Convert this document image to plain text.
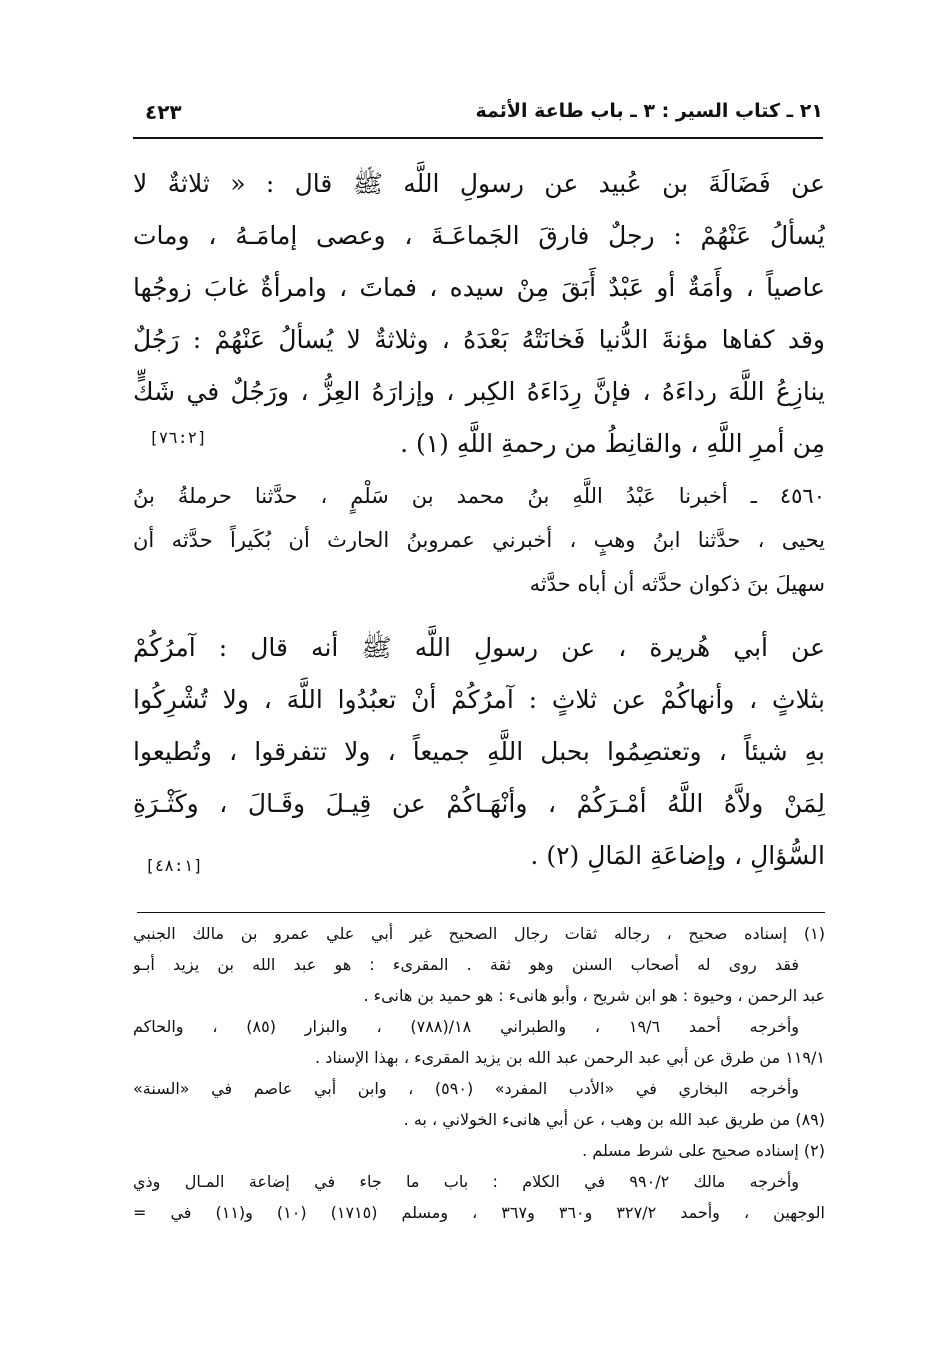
٢١ ـ كتاب السير : ٣ ـ باب طاعة الأئمة
٤٢٣
عن فَضَالَةَ بن عُبيد عن رسولِ اللَّه ﷺ قال : « ثلاثةٌ لا
يُسألُ عَنْهُمْ : رجلٌ فارقَ الجَماعَـةَ ، وعصى إمامَـهُ ، ومات
عاصياً ، وأَمَةٌ أو عَبْدٌ أَبَقَ مِنْ سيده ، فماتَ ، وامرأةٌ غابَ زوجُها
وقد كفاها مؤنةَ الدُّنيا فَخانَتْهُ بَعْدَهُ ، وثلاثةٌ لا يُسألُ عَنْهُمْ : رَجُلٌ
ينازِعُ اللَّهَ رداءَهُ ، فإنَّ رِدَاءَهُ الكِبر ، وإزارَهُ العِزُّ ، ورَجُلٌ في شَكٍّ
مِن أمرِ اللَّهِ ، والقانِطُ من رحمةِ اللَّهِ (١) .
[٧٦:٢]
٤٥٦٠ ـ أخبرنا عَبْدُ اللَّهِ بنُ محمد بن سَلْمٍ ، حدَّثنا حرملةُ بنُ
يحيى ، حدَّثنا ابنُ وهبٍ ، أخبرني عمروبنُ الحارث أن بُكَيراً حدَّثه أن
سهيلَ بنَ ذكوان حدَّثه أن أباه حدَّثه
عن أبي هُريرة ، عن رسولِ اللَّه ﷺ أنه قال : آمرُكُمْ
بثلاثٍ ، وأنهاكُمْ عن ثلاثٍ : آمرُكُمْ أنْ تعبُدُوا اللَّهَ ، ولا تُشْرِكُوا
بهِ شيئاً ، وتعتصِمُوا بحبل اللَّهِ جميعاً ، ولا تتفرقوا ، وتُطيعوا
لِمَنْ ولاَّهُ اللَّهُ أمْـرَكُمْ ، وأنْهَـاكُمْ عن قِيـلَ وقَـالَ ، وكَثْـرَةِ
السُّؤالِ ، وإضاعَةِ المَالِ (٢) .
[٤٨:١]
(١) إسناده صحيح ، رجاله ثقات رجال الصحيح غير أبي علي عمرو بن مالك الجنبي
فقد روى له أصحاب السنن وهو ثقة . المقرىء : هو عبد الله بن يزيد أبـو
عبد الرحمن ، وحيوة : هو ابن شريح ، وأبو هانىء : هو حميد بن هانىء .
وأخرجه أحمد ١٩/٦ ، والطبراني ١٨/(٧٨٨) ، والبزار (٨٥) ، والحاكم
١١٩/١ من طرق عن أبي عبد الرحمن عبد الله بن يزيد المقرىء ، بهذا الإسناد .
وأخرجه البخاري في «الأدب المفرد» (٥٩٠) ، وابن أبي عاصم في «السنة»
(٨٩) من طريق عبد الله بن وهب ، عن أبي هانىء الخولاني ، به .
(٢) إسناده صحيح على شرط مسلم .
وأخرجه مالك ٩٩٠/٢ في الكلام : باب ما جاء في إضاعة المـال وذي
الوجهين ، وأحمد ٣٢٧/٢ و٣٦٠ و٣٦٧ ، ومسلم (١٧١٥) (١٠) و(١١) في =
